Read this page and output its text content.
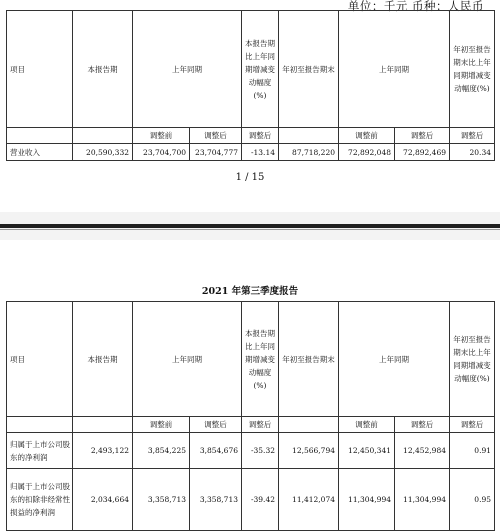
单位：千元 币种：人民币
项目	本报告期	上年同期		本报告期比上年同期增减变动幅度(%)	年初至报告期末	上年同期		年初至报告期末比上年同期增减变动幅度(%)
		调整前	调整后	调整后		调整前	调整后	调整后
营业收入	20,590,332	23,704,700	23,704,777	-13.14	87,718,220	72,892,048	72,892,469	20.34
1 / 15
2021 年第三季度报告
项目	本报告期	上年同期		本报告期比上年同期增减变动幅度(%)	年初至报告期末	上年同期		年初至报告期末比上年同期增减变动幅度(%)
		调整前	调整后	调整后		调整前	调整后	调整后
归属于上市公司股东的净利润	2,493,122	3,854,225	3,854,676	-35.32	12,566,794	12,450,341	12,452,984	0.91
归属于上市公司股东的扣除非经常性损益的净利润	2,034,664	3,358,713	3,358,713	-39.42	11,412,074	11,304,994	11,304,994	0.95
